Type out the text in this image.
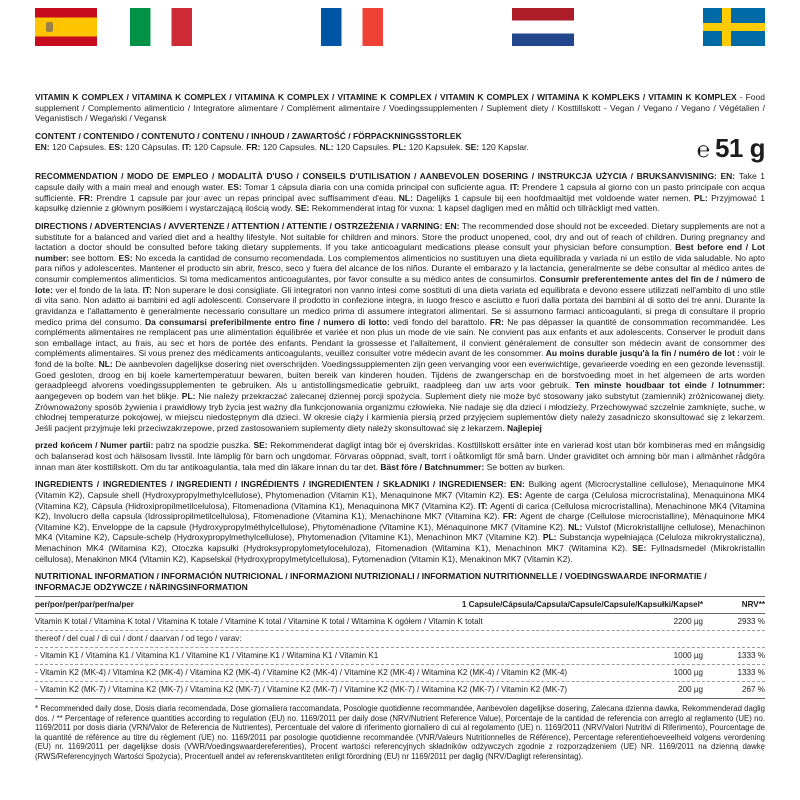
VITAMIN K COMPLEX / VITAMINA K COMPLEX / VITAMINA K COMPLEX / VITAMINE K COMPLEX / VITAMIN K COMPLEX / WITAMINA K KOMPLEKS / VITAMIN K KOMPLEX - Food supplement / Complemento alimenticio / Integratore alimentare / Complément alimentaire / Voedingssupplementen / Suplement diety / Kosttillskott - Vegan / Vegano / Vegano / Végétalien / Veganistisch / Wegański / Vegansk

CONTENT / CONTENIDO / CONTENUTO / CONTENU / INHOUD / ZAWARTOŚĆ / FÖRPACKNINGSSTORLEK
EN: 120 Capsules. ES: 120 Cápsulas. IT: 120 Capsule. FR: 120 Capsules. NL: 120 Capsules. PL: 120 Kapsułek. SE: 120 Kapslar.	℮ 51 g

RECOMMENDATION / MODO DE EMPLEO / MODALITÀ D'USO / CONSEILS D'UTILISATION / AANBEVOLEN DOSERING / INSTRUKCJA UŻYCIA / BRUKSANVISNING: EN: Take 1 capsule daily with a main meal and enough water. ES: Tomar 1 cápsula diaria con una comida principal con suficiente agua. IT: Prendere 1 capsula al giorno con un pasto principale con acqua sufficiente. FR: Prendre 1 capsule par jour avec un repas principal avec suffisamment d'eau. NL: Dagelijks 1 capsule bij een hoofdmaaltijd met voldoende water nemen. PL: Przyjmować 1 kapsułkę dziennie z głównym posiłkiem i wystarczającą ilością wody. SE: Rekommenderat intag för vuxna: 1 kapsel dagligen med en måltid och tillräckligt med vatten.

DIRECTIONS / ADVERTENCIAS / AVVERTENZE / ATTENTION / ATTENTIE / OSTRZEŻENIA / VARNING: EN: The recommended dose should not be exceeded. Dietary supplements are not a substitute for a balanced and varied diet and a healthy lifestyle. Not suitable for children and minors. Store the product unopened, cool, dry and out of reach of children. During pregnancy and lactation a doctor should be consulted before taking dietary supplements. If you take anticoagulant medications please consult your physician before consumption. Best before end / Lot number: see bottom. ES: No exceda la cantidad de consumo recomendada. Los complementos alimenticios no sustituyen una dieta equilibrada y variada ni un estilo de vida saludable. No apto para niños y adolescentes. Mantener el producto sin abrir, fresco, seco y fuera del alcance de los niños. Durante el embarazo y la lactancia, generalmente se debe consultar al médico antes de consumir complementos alimenticios. Si toma medicamentos anticoagulantes, por favor consulte a su médico antes de consumirlos. Consumir preferentemente antes del fin de / número de lote: ver el fondo de la lata. IT: Non superare le dosi consigliate. Gli integratori non vanno intesi come sostituti di una dieta variata ed equilibrata e devono essere utilizzati nell'ambito di uno stile di vita sano. Non adatto ai bambini ed agli adolescenti. Conservare il prodotto in confezione integra, in luogo fresco e asciutto e fuori dalla portata dei bambini al di sotto dei tre anni. Durante la gravidanza e l'allattamento è generalmente necessario consultare un medico prima di assumere integratori alimentari. Se si assumono farmaci anticoagulanti, si prega di consultare il proprio medico prima del consumo. Da consumarsi preferibilmente entro fine / numero di lotto: vedi fondo del barattolo. FR: Ne pas dépasser la quantité de consommation recommandée. Les compléments alimentaires ne remplacent pas une alimentation équilibrée et variée et non plus un mode de vie sain. Ne convient pas aux enfants et aux adolescents. Conserver le produit dans son emballage intact, au frais, au sec et hors de portée des enfants. Pendant la grossesse et l'allaitement, il convient généralement de consulter son médecin avant de consommer des compléments alimentaires. Si vous prenez des médicaments anticoagulants, veuillez consulter votre médecin avant de les consommer. Au moins durable jusqu'à la fin / numéro de lot : voir le fond de la boîte. NL: De aanbevolen dagelijkse dosering niet overschrijden. Voedingssupplementen zijn geen vervanging voor een evenwichtige, gevarieerde voeding en een gezonde levensstijl. Goed gesloten, droog en bij koele kamertemperatuur bewaren, buiten bereik van kinderen houden. Tijdens de zwangerschap en de borstvoeding moet in het algemeen de arts worden geraadpleegd alvorens voedingssupplementen te gebruiken. Als u antistollingsmedicatie gebruikt, raadpleeg dan uw arts voor gebruik. Ten minste houdbaar tot einde / lotnummer: aangegeven op bodem van het blikje. PL: Nie należy przekraczać zalecanej dziennej porcji spożycia. Suplement diety nie może być stosowany jako substytut (zamiennik) zróżnicowanej diety. Zrównoważony sposób żywienia i prawidłowy tryb życia jest ważny dla funkcjonowania organizmu człowieka. Nie nadaje się dla dzieci i młodzieży. Przechowywać szczelnie zamknięte, suche, w chłodnej temperaturze pokojowej, w miejscu niedostępnym dla dzieci. W okresie ciąży i karmienia piersią przed przyjęciem suplementów diety należy zasadniczo skonsultować się z lekarzem. Jeśli pacjent przyjmuje leki przeciwzakrzepowe, przed zastosowaniem suplementy diety należy skonsultować się z lekarzem. Najlepiej

przed końcem / Numer partii: patrz na spodzie puszka. SE: Rekommenderat dagligt intag bör ej överskridas. Kosttillskott ersätter inte en varierad kost utan bör kombineras med en mångsidig och balanserad kost och hälsosam livsstil. Inte lämplig för barn och ungdomar. Förvaras oöppnad, svalt, torrt i oåtkomligt för små barn. Under graviditet och amning bör man i allmänhet rådgöra innan man äter kosttillskott. Om du tar antikoagulantia, tala med din läkare innan du tar det. Bäst före / Batchnummer: Se botten av burken.

INGREDIENTS / INGREDIENTES / INGREDIENTI / INGRÉDIENTS / INGREDIËNTEN / SKŁADNIKI / INGREDIENSER: EN: Bulking agent (Microcrystalline cellulose), Menaquinone MK4 (Vitamin K2), Capsule shell (Hydroxypropylmethylcellulose), Phytomenadion (Vitamin K1), Menaquinone MK7 (Vitamin K2). ES: Agente de carga (Celulosa microcristalina), Menaquinona MK4 (Vitamina K2), Cápsula (Hidroxipropilmetilcelulosa), Fitomenadiona (Vitamina K1), Menaquinona MK7 (Vitamina K2). IT: Agenti di carica (Cellulosa microcristallina), Menachinone MK4 (Vitamina K2), Involucro della capsula (Idrossipropilmetilcellulosa), Fitomenadione (Vitamina K1), Menachinone MK7 (Vitamina K2). FR: Agent de charge (Cellulose microcristalline), Ménaquinone MK4 (Vitamine K2), Enveloppe de la capsule (Hydroxypropylméthylcellulose), Phytoménadione (Vitamine K1), Ménaquinone MK7 (Vitamine K2). NL: Vulstof (Microkristallijne cellulose), Menachinon MK4 (Vitamine K2), Capsule-schelp (Hydroxypropylmethylcellulose), Phytomenadion (Vitamine K1), Menachinon MK7 (Vitamine K2). PL: Substancja wypełniająca (Celuloza mikrokrystaliczna), Menachinon MK4 (Witamina K2), Otoczka kapsułki (Hydroksypropylometyloceluloza), Fitomenadion (Witamina K1), Menachinon MK7 (Witamina K2). SE: Fyllnadsmedel (Mikrokristallin cellulosa), Menakinon MK4 (Vitamin K2), Kapselskal (Hydroxypropylmetylcellulosa), Fytomenadion (Vitamin K1), Menakinon MK7 (Vitamin K2).

NUTRITIONAL INFORMATION / INFORMACIÓN NUTRICIONAL / INFORMAZIONI NUTRIZIONALI / INFORMATION NUTRITIONNELLE / VOEDINGSWAARDE INFORMATIE / INFORMACJE ODŻYWCZE / NÄRINGSINFORMATION

per/por/per/par/per/na/per	1 Capsule/Cápsula/Capsula/Capsule/Capsule/Kapsułki/Kapsel*	NRV**
Vitamin K total / Vitamina K total / Vitamina K totale / Vitamine K total / Vitamine K total / Witamina K ogółem / Vitamin K totalt	2200 µg	2933 %
thereof / del cual / di cui / dont / daarvan / od tego / varav:
- Vitamin K1 / Vitamina K1 / Vitamina K1 / Vitamine K1 / Vitamine K1 / Witamina K1 / Vitamin K1	1000 µg	1333 %
- Vitamin K2 (MK-4) / Vitamina K2 (MK-4) / Vitamina K2 (MK-4) / Vitamine K2 (MK-4) / Vitamine K2 (MK-4) / Witamina K2 (MK-4) / Vitamin K2 (MK-4)	1000 µg	1333 %
- Vitamin K2 (MK-7) / Vitamina K2 (MK-7) / Vitamina K2 (MK-7) / Vitamine K2 (MK-7) / Vitamine K2 (MK-7) / Witamina K2 (MK-7) / Vitamin K2 (MK-7)	200 µg	267 %

* Recommended daily dose, Dosis diaria recomendada, Dose giornaliera raccomandata, Posologie quotidienne recommandée, Aanbevolen dagelijkse dosering, Zalecana dzienna dawka, Rekommenderad daglig dos. / ** Percentage of reference quantities according to regulation (EU) no. 1169/2011 per daily dose (NRV/Nutrient Reference Value), Porcentaje de la cantidad de referencia con arreglo al reglamento (UE) no. 1169/2011 por dosis diaria (VRN/Valor de Referencia de Nutrientes), Percentuale del valore di riferimento giornaliero di cui al regolamento (UE) n. 1169/2011 (NRV/Valori Nutritivi di Riferimento), Pourcentage de la quantité de référence au titre du règlement (UE) no. 1169/2011 par posologie quotidienne recommandée (VNR/Valeurs Nutritionnelles de Référence), Percentage referentiehoeveelheid volgens verordening (EU) nr. 1169/2011 per dagelijkse dosis (VWR/Voedingswaardereferenties), Procent wartości referencyjnych składników odżywczych zgodnie z rozporządzeniem (UE) NR. 1169/2011 na dzienną dawkę (RWS/Referencyjnych Wartości Spożycia), Procentuell andel av referenskvantiteten enligt förordning (EU) nr 1169/2011 per daglig (NRV/Dagligt referensintag).
